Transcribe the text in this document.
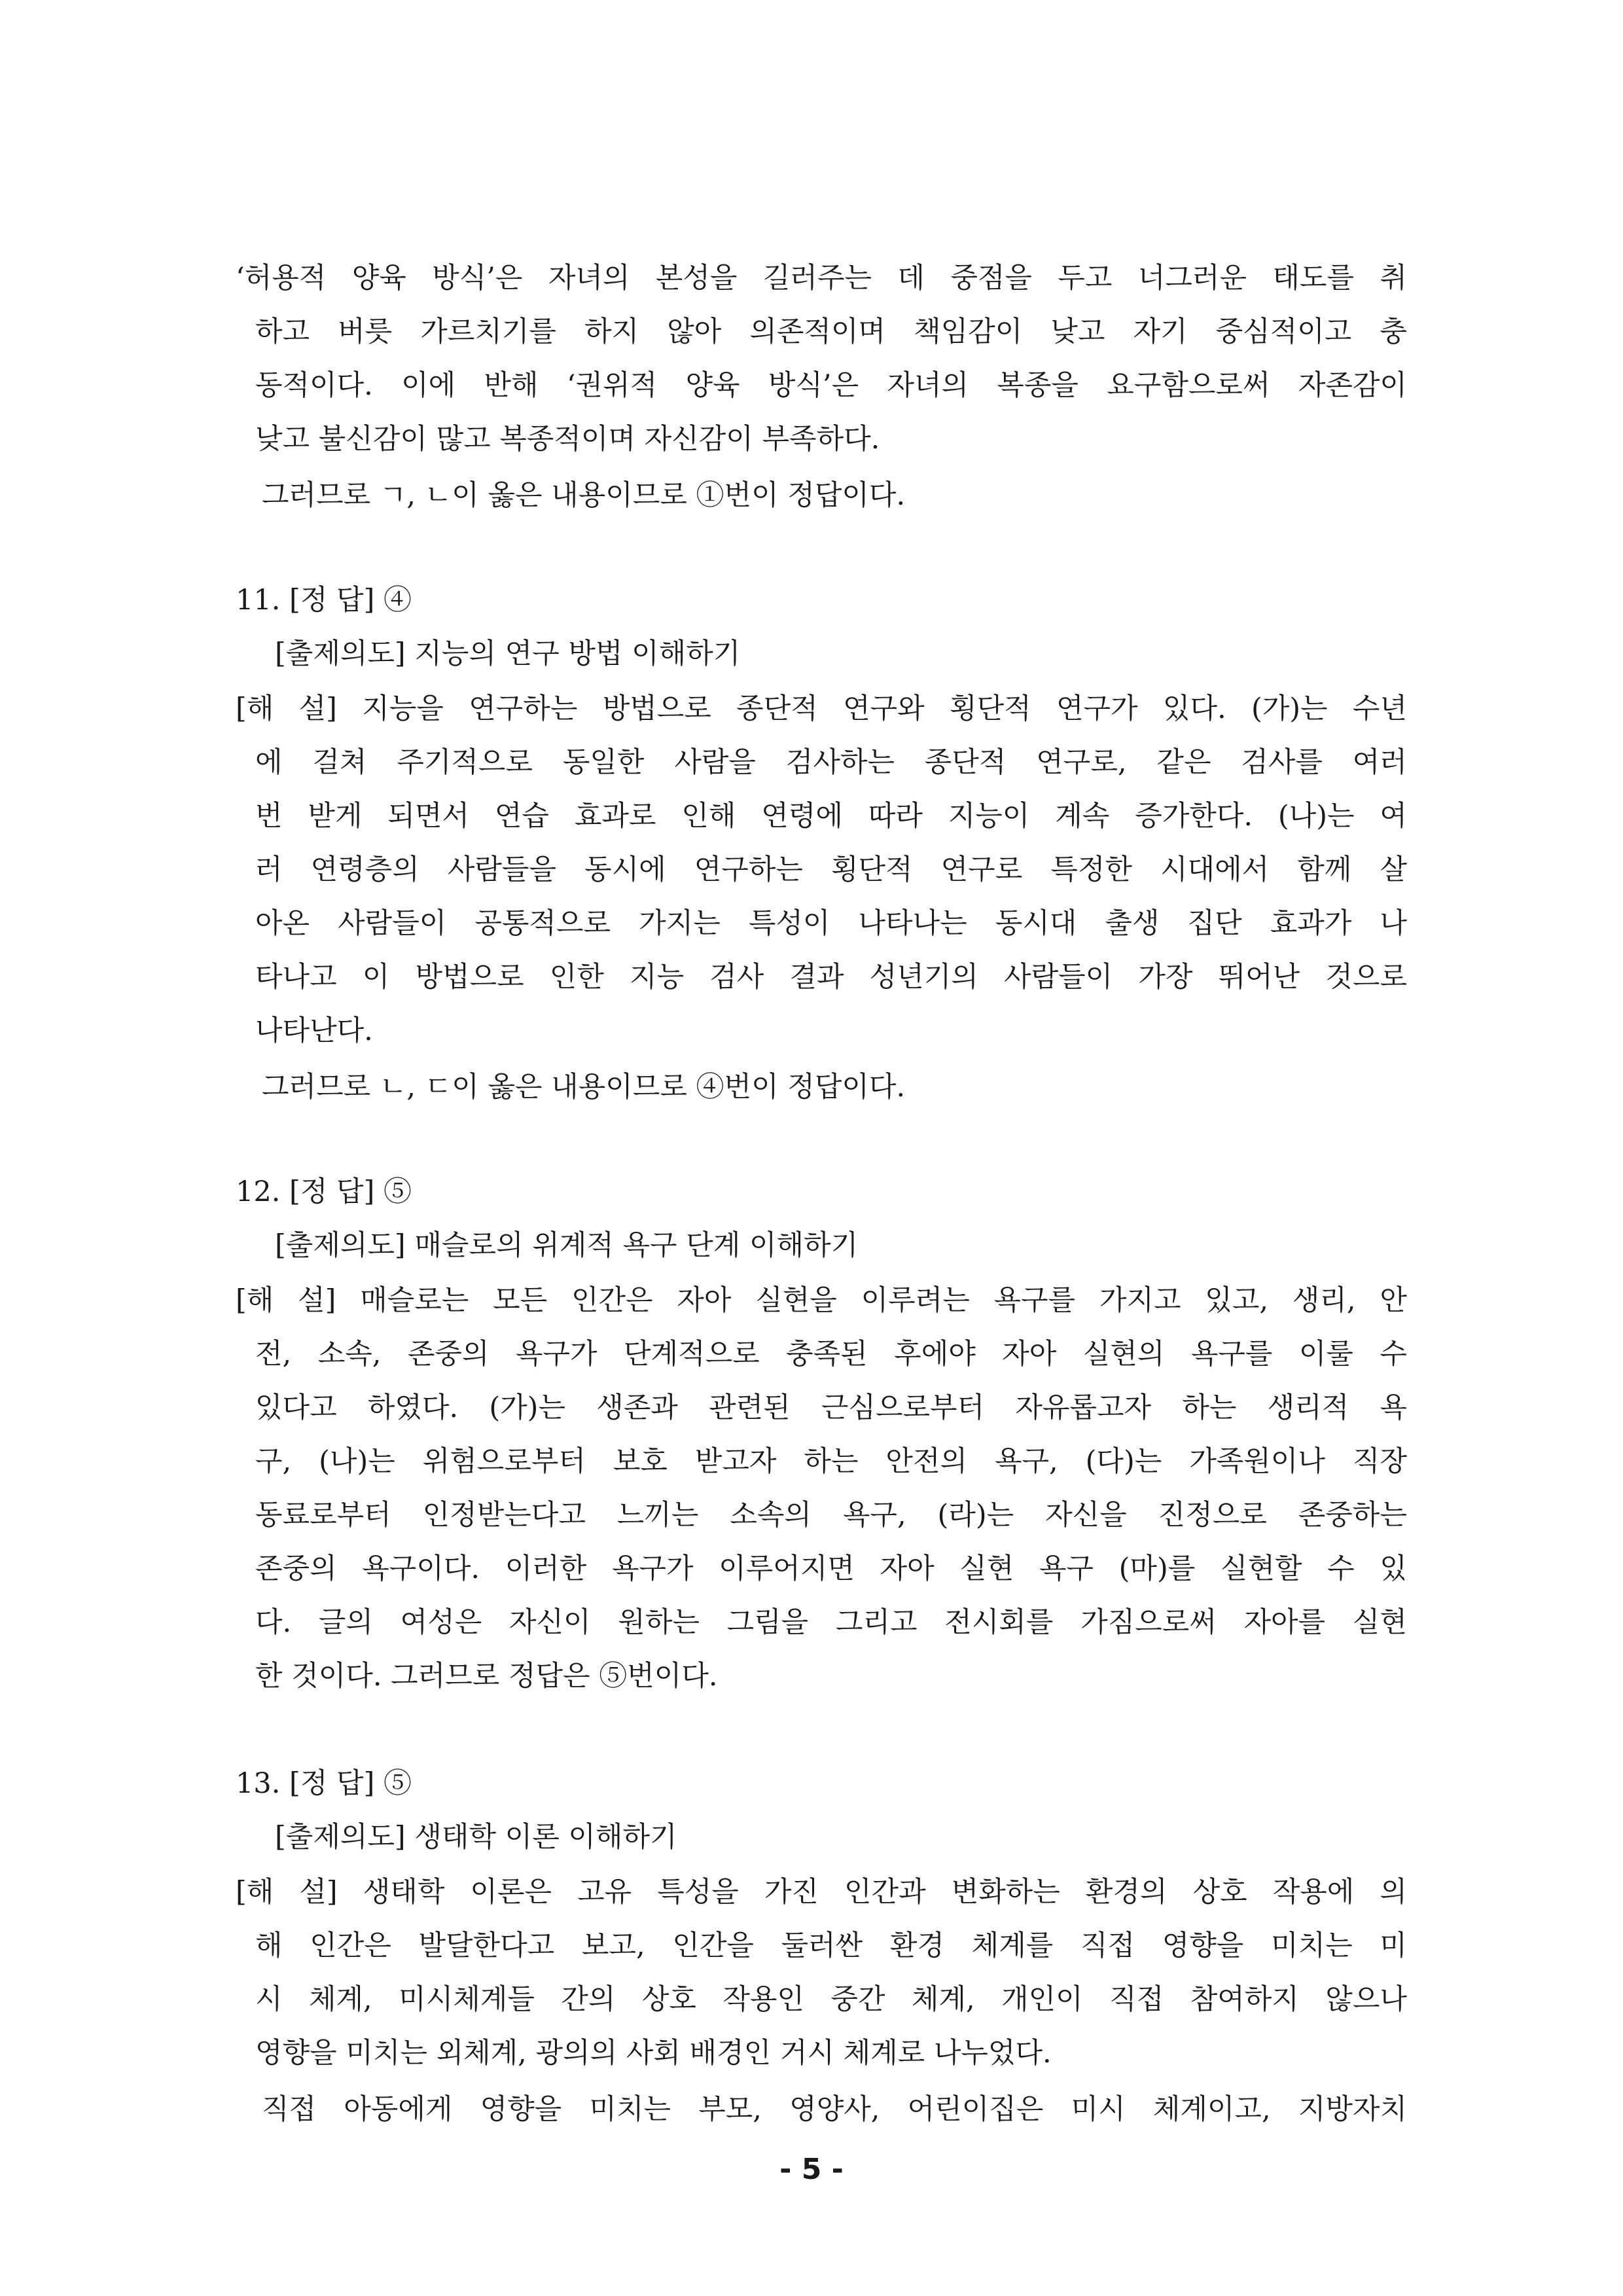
‘허용적 양육 방식’은 자녀의 본성을 길러주는 데 중점을 두고 너그러운 태도를 취
하고 버릇 가르치기를 하지 않아 의존적이며 책임감이 낮고 자기 중심적이고 충
동적이다. 이에 반해 ‘권위적 양육 방식’은 자녀의 복종을 요구함으로써 자존감이
낮고 불신감이 많고 복종적이며 자신감이 부족하다.
그러므로 ㄱ, ㄴ이 옳은 내용이므로 ①번이 정답이다.
11. [정 답] ④
[출제의도] 지능의 연구 방법 이해하기
[해 설] 지능을 연구하는 방법으로 종단적 연구와 횡단적 연구가 있다. (가)는 수년
에 걸쳐 주기적으로 동일한 사람을 검사하는 종단적 연구로, 같은 검사를 여러
번 받게 되면서 연습 효과로 인해 연령에 따라 지능이 계속 증가한다. (나)는 여
러 연령층의 사람들을 동시에 연구하는 횡단적 연구로 특정한 시대에서 함께 살
아온 사람들이 공통적으로 가지는 특성이 나타나는 동시대 출생 집단 효과가 나
타나고 이 방법으로 인한 지능 검사 결과 성년기의 사람들이 가장 뛰어난 것으로
나타난다.
그러므로 ㄴ, ㄷ이 옳은 내용이므로 ④번이 정답이다.
12. [정 답] ⑤
[출제의도] 매슬로의 위계적 욕구 단계 이해하기
[해 설] 매슬로는 모든 인간은 자아 실현을 이루려는 욕구를 가지고 있고, 생리, 안
전, 소속, 존중의 욕구가 단계적으로 충족된 후에야 자아 실현의 욕구를 이룰 수
있다고 하였다. (가)는 생존과 관련된 근심으로부터 자유롭고자 하는 생리적 욕
구, (나)는 위험으로부터 보호 받고자 하는 안전의 욕구, (다)는 가족원이나 직장
동료로부터 인정받는다고 느끼는 소속의 욕구, (라)는 자신을 진정으로 존중하는
존중의 욕구이다. 이러한 욕구가 이루어지면 자아 실현 욕구 (마)를 실현할 수 있
다. 글의 여성은 자신이 원하는 그림을 그리고 전시회를 가짐으로써 자아를 실현
한 것이다. 그러므로 정답은 ⑤번이다.
13. [정 답] ⑤
[출제의도] 생태학 이론 이해하기
[해 설] 생태학 이론은 고유 특성을 가진 인간과 변화하는 환경의 상호 작용에 의
해 인간은 발달한다고 보고, 인간을 둘러싼 환경 체계를 직접 영향을 미치는 미
시 체계, 미시체계들 간의 상호 작용인 중간 체계, 개인이 직접 참여하지 않으나
영향을 미치는 외체계, 광의의 사회 배경인 거시 체계로 나누었다.
직접 아동에게 영향을 미치는 부모, 영양사, 어린이집은 미시 체계이고, 지방자치
- 5 -
